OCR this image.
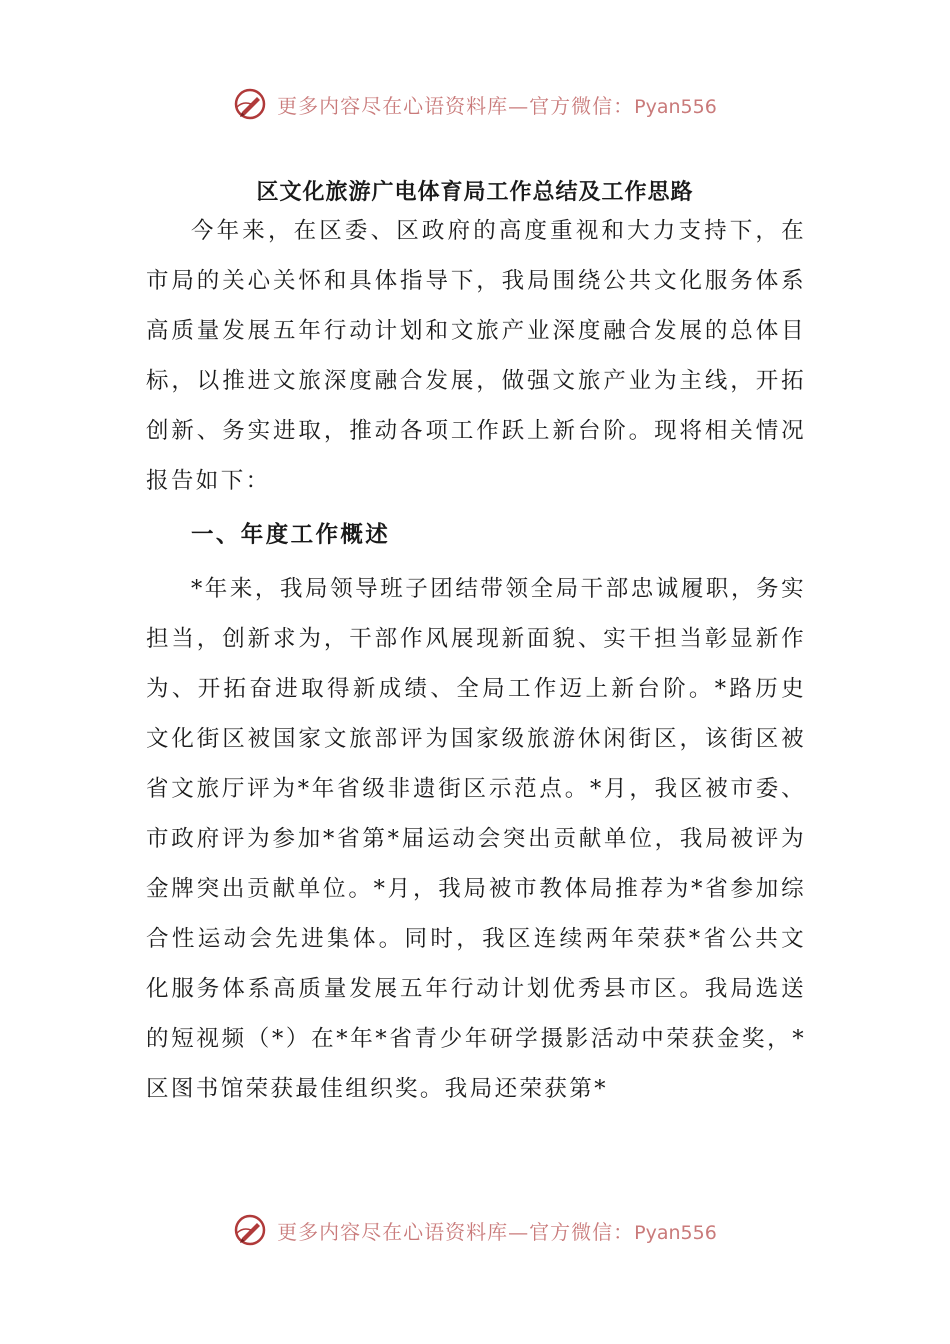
更多内容尽在心语资料库—官方微信：Pyan556
区文化旅游广电体育局工作总结及工作思路

今年来，在区委、区政府的高度重视和大力支持下，在市局的关心关怀和具体指导下，我局围绕公共文化服务体系高质量发展五年行动计划和文旅产业深度融合发展的总体目标，以推进文旅深度融合发展，做强文旅产业为主线，开拓创新、务实进取，推动各项工作跃上新台阶。现将相关情况报告如下：

一、年度工作概述

*年来，我局领导班子团结带领全局干部忠诚履职，务实担当，创新求为，干部作风展现新面貌、实干担当彰显新作为、开拓奋进取得新成绩、全局工作迈上新台阶。*路历史文化街区被国家文旅部评为国家级旅游休闲街区，该街区被省文旅厅评为*年省级非遗街区示范点。*月，我区被市委、市政府评为参加*省第*届运动会突出贡献单位，我局被评为金牌突出贡献单位。*月，我局被市教体局推荐为*省参加综合性运动会先进集体。同时，我区连续两年荣获*省公共文化服务体系高质量发展五年行动计划优秀县市区。我局选送的短视频（*）在*年*省青少年研学摄影活动中荣获金奖，*区图书馆荣获最佳组织奖。我局还荣获第*

更多内容尽在心语资料库—官方微信：Pyan556
